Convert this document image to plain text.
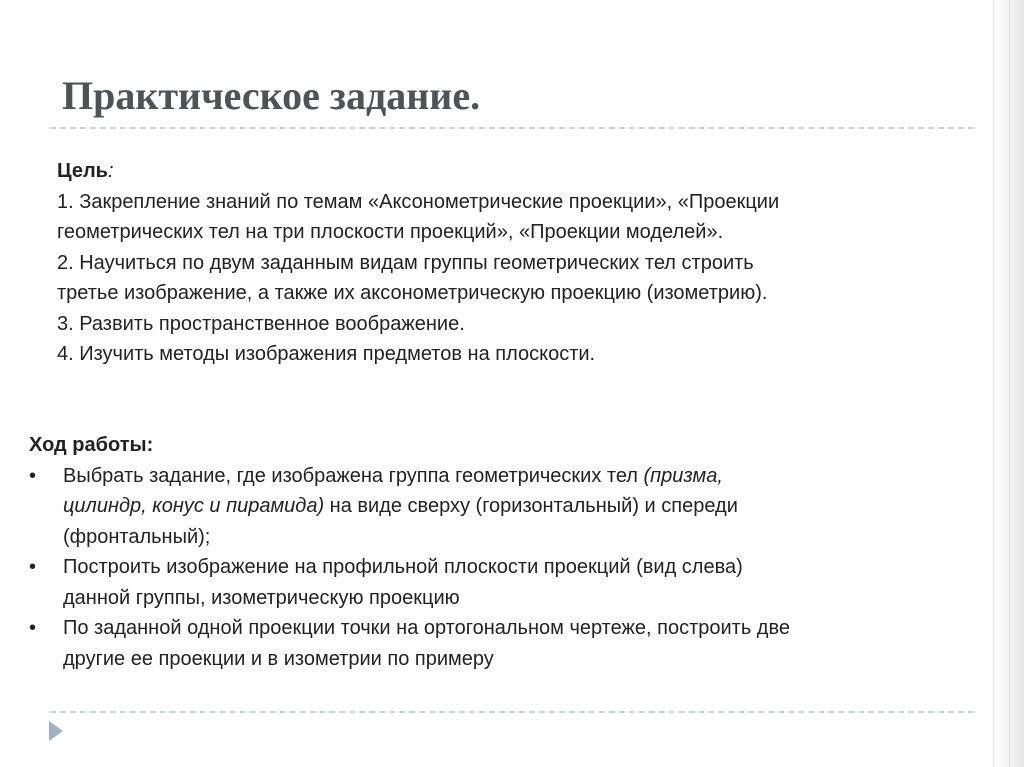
Практическое задание.

Цель:

1. Закрепление знаний по темам «Аксонометрические проекции», «Проекции

геометрических тел на три плоскости проекций», «Проекции моделей».

2. Научиться по двум заданным видам группы геометрических тел строить

третье изображение, а также их аксонометрическую проекцию (изометрию).

3. Развить пространственное воображение.

4. Изучить методы изображения предметов на плоскости.

Ход работы:

• Выбрать задание, где изображена группа геометрических тел (призма,
цилиндр, конус и пирамида) на виде сверху (горизонтальный) и спереди
(фронтальный);
• Построить изображение на профильной плоскости проекций (вид слева)
данной группы, изометрическую проекцию
• По заданной одной проекции точки на ортогональном чертеже, построить две
другие ее проекции и в изометрии по примеру
